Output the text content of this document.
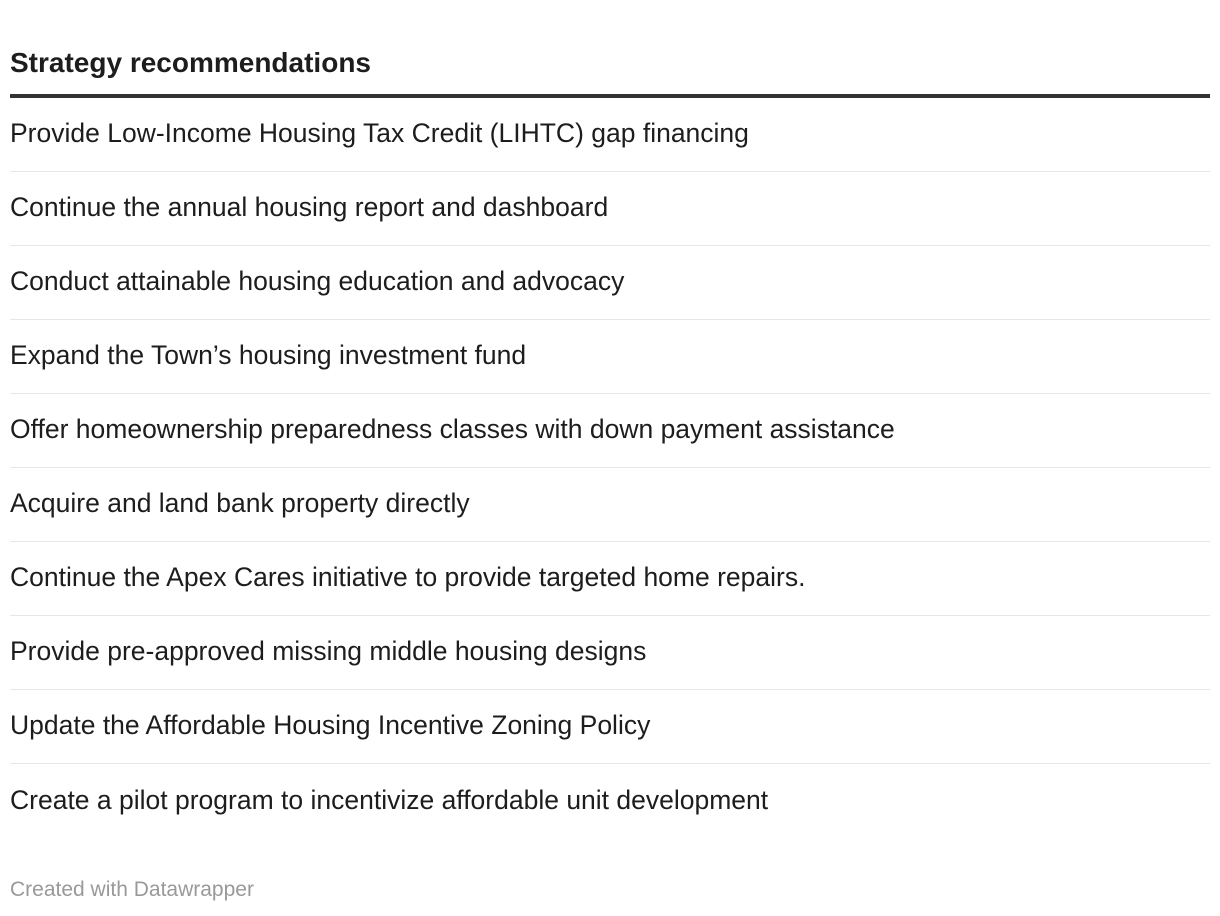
Strategy recommendations
Provide Low-Income Housing Tax Credit (LIHTC) gap financing
Continue the annual housing report and dashboard
Conduct attainable housing education and advocacy
Expand the Town’s housing investment fund
Offer homeownership preparedness classes with down payment assistance
Acquire and land bank property directly
Continue the Apex Cares initiative to provide targeted home repairs.
Provide pre-approved missing middle housing designs
Update the Affordable Housing Incentive Zoning Policy
Create a pilot program to incentivize affordable unit development
Created with Datawrapper
